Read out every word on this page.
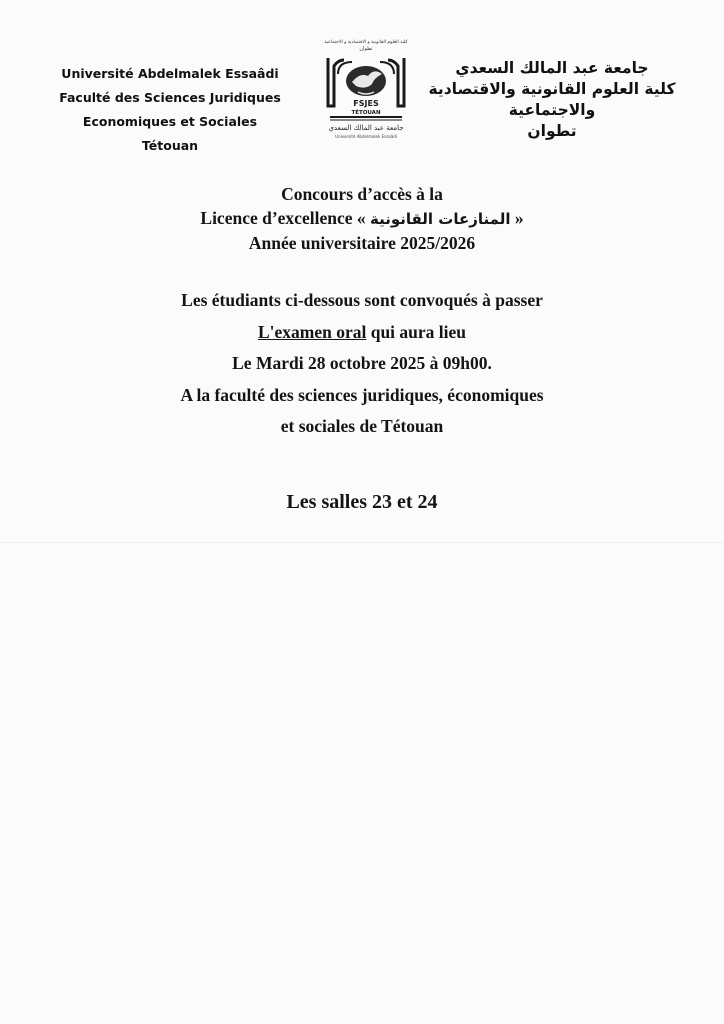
Université Abdelmalek Essaâdi
Faculté des Sciences Juridiques
Economiques et Sociales
Tétouan
كلية العلوم القانونية و الاقتصادية و الاجتماعية
تطوان
FSJES
TÉTOUAN
جامعة عبد المالك السعدي
Université Abdelmalek Essaâdi
جامعة عبد المالك السعدي
كلية العلوم القانونية والاقتصادية
والاجتماعية
تطوان
Concours d’accès à la
Licence d’excellence « المنازعات القانونية »
Année universitaire 2025/2026
Les étudiants ci-dessous sont convoqués à passer
L'examen oral qui aura lieu
Le Mardi 28 octobre 2025 à 09h00.
A la faculté des sciences juridiques, économiques
et sociales de Tétouan
Les salles 23 et 24
